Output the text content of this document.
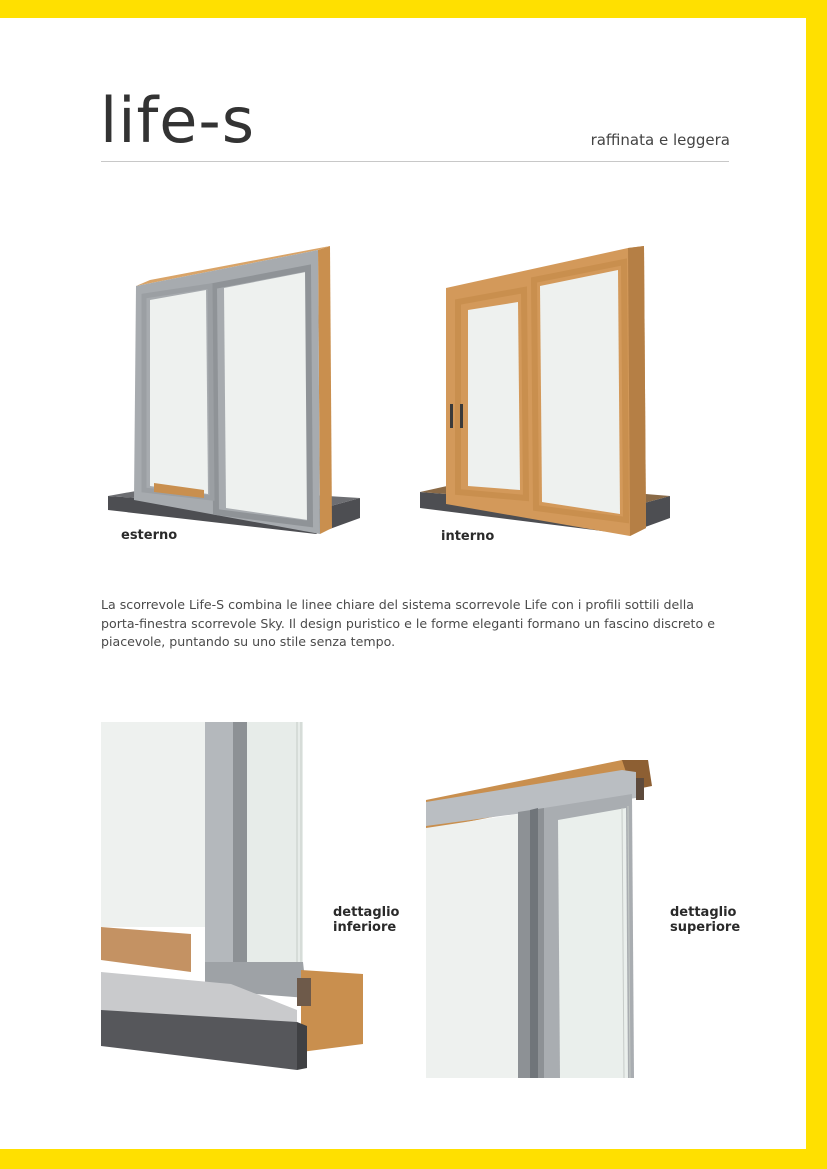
life-s	raffinata e leggera
esterno	interno
La scorrevole Life-S combina le linee chiare del sistema scorrevole Life con i profili sottili della porta-finestra scorrevole Sky. Il design puristico e le forme eleganti formano un fascino discreto e piacevole, puntando su uno stile senza tempo.
dettaglio
inferiore
dettaglio
superiore
